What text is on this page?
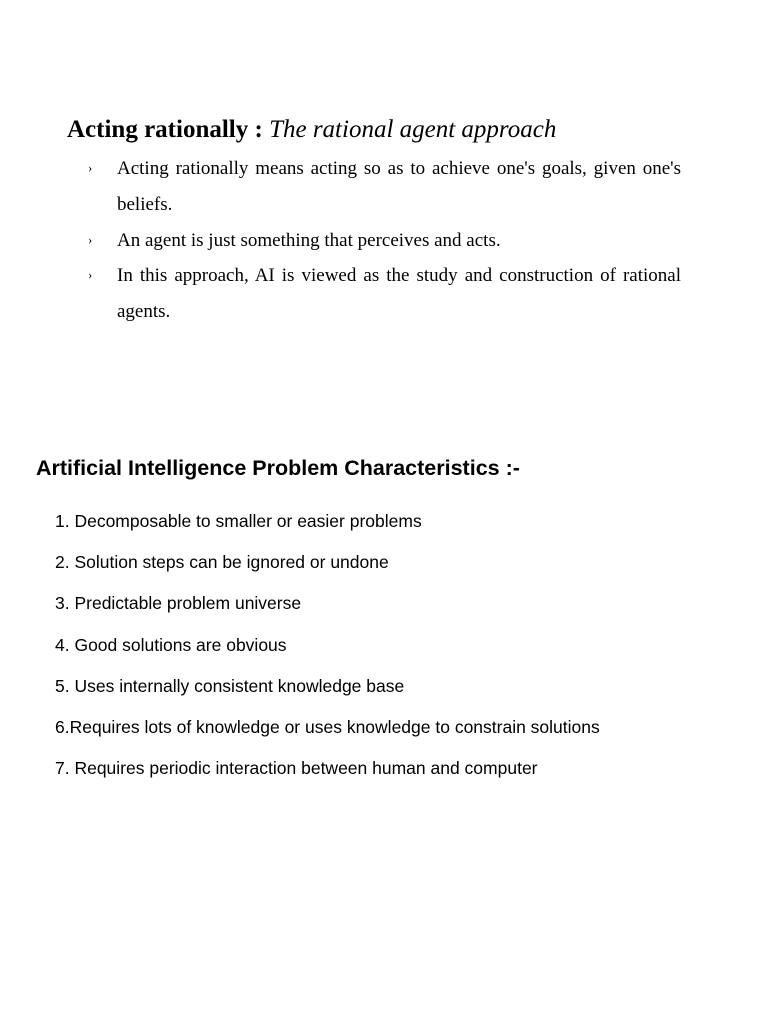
Acting rationally : The rational agent approach
›	Acting rationally means acting so as to achieve one's goals, given one's beliefs.
›	An agent is just something that perceives and acts.
›	In this approach, AI is viewed as the study and construction of rational agents.
Artificial Intelligence Problem Characteristics :-
1. Decomposable to smaller or easier problems
2. Solution steps can be ignored or undone
3. Predictable problem universe
4. Good solutions are obvious
5. Uses internally consistent knowledge base
6.Requires lots of knowledge or uses knowledge to constrain solutions
7. Requires periodic interaction between human and computer
